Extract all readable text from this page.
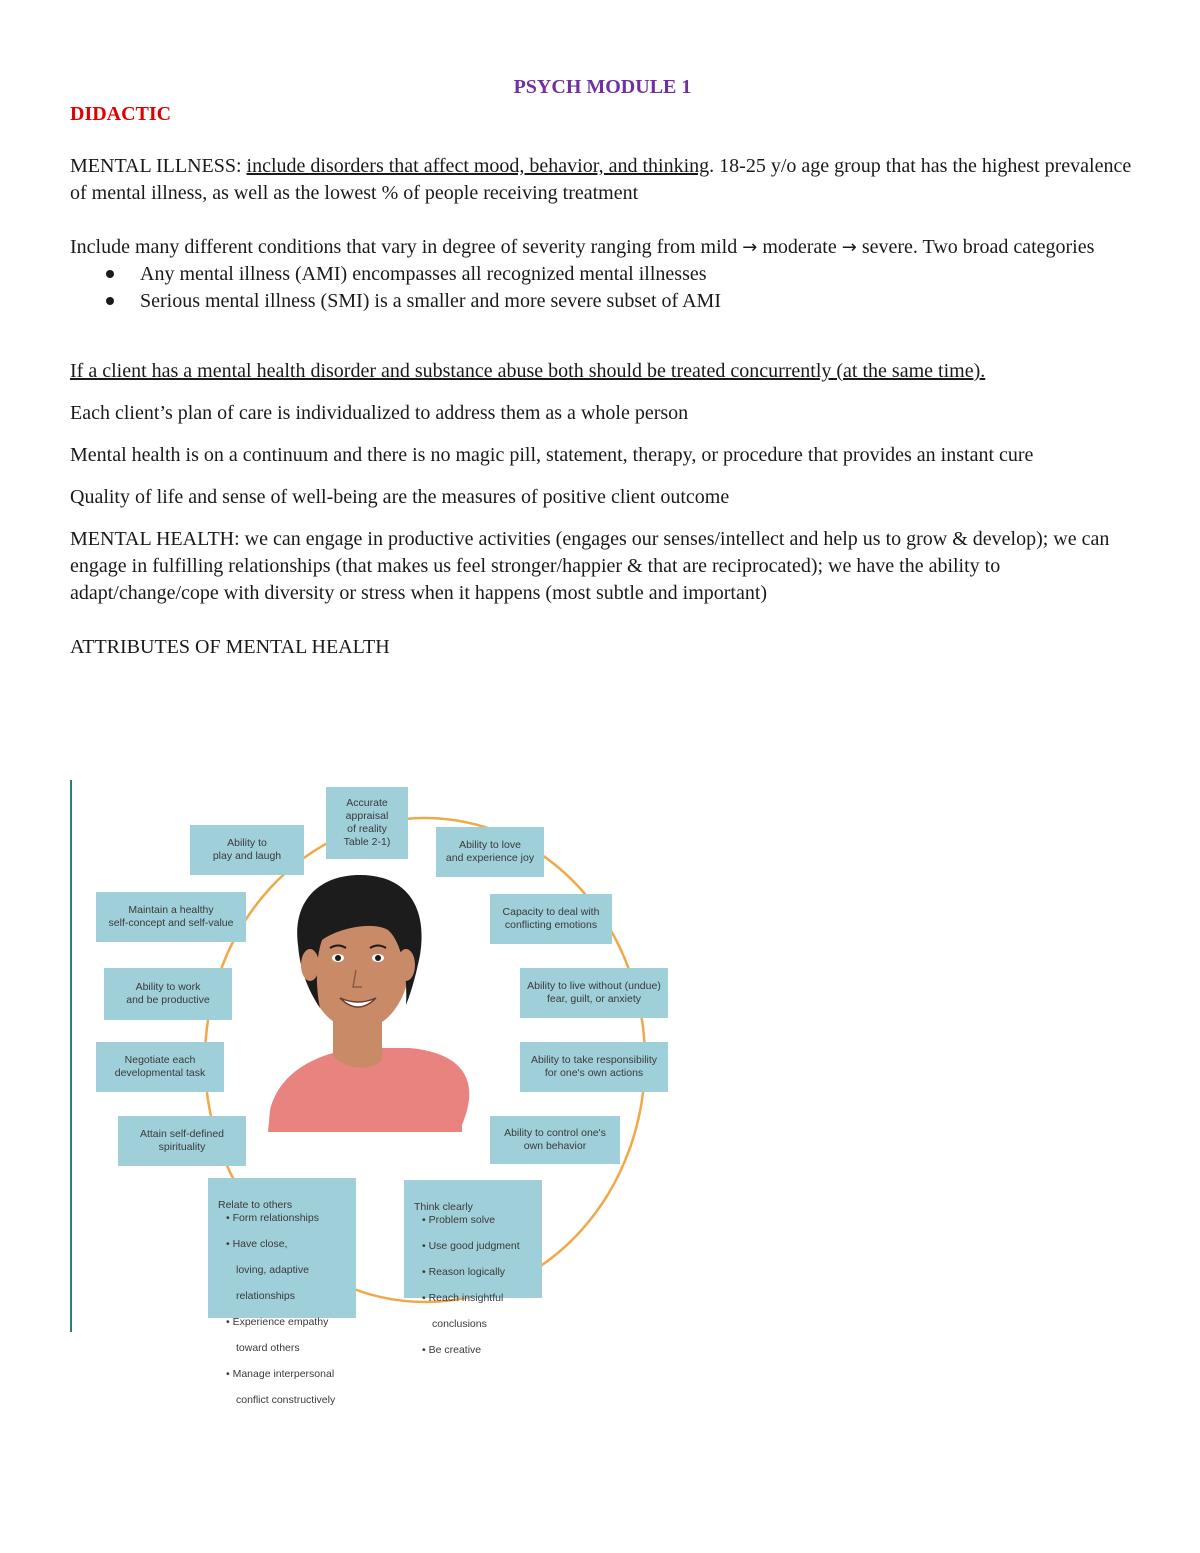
PSYCH MODULE 1

DIDACTIC

MENTAL ILLNESS: include disorders that affect mood, behavior, and thinking. 18-25 y/o age group that has the highest prevalence of mental illness, as well as the lowest % of people receiving treatment

Include many different conditions that vary in degree of severity ranging from mild → moderate → severe. Two broad categories

Any mental illness (AMI) encompasses all recognized mental illnesses
Serious mental illness (SMI) is a smaller and more severe subset of AMI

If a client has a mental health disorder and substance abuse both should be treated concurrently (at the same time).

Each client’s plan of care is individualized to address them as a whole person

Mental health is on a continuum and there is no magic pill, statement, therapy, or procedure that provides an instant cure

Quality of life and sense of well-being are the measures of positive client outcome

MENTAL HEALTH: we can engage in productive activities (engages our senses/intellect and help us to grow & develop); we can engage in fulfilling relationships (that makes us feel stronger/happier & that are reciprocated); we have the ability to adapt/change/cope with diversity or stress when it happens (most subtle and important)

ATTRIBUTES OF MENTAL HEALTH

Accurate
appraisal
of reality
Table 2-1)	Ability to love
and experience joy
Capacity to deal with
conflicting emotions
Ability to live without (undue)
fear, guilt, or anxiety
Ability to take responsibility
for one's own actions
Ability to control one's
own behavior
Ability to
play and laugh
Maintain a healthy
self-concept and self-value
Ability to work
and be productive
Negotiate each
developmental task
Attain self-defined
spirituality

Relate to others

• Form relationships

• Have close,

loving, adaptive

relationships

• Experience empathy

toward others

• Manage interpersonal

conflict constructively

Think clearly

• Problem solve

• Use good judgment

• Reason logically

• Reach insightful

conclusions

• Be creative
